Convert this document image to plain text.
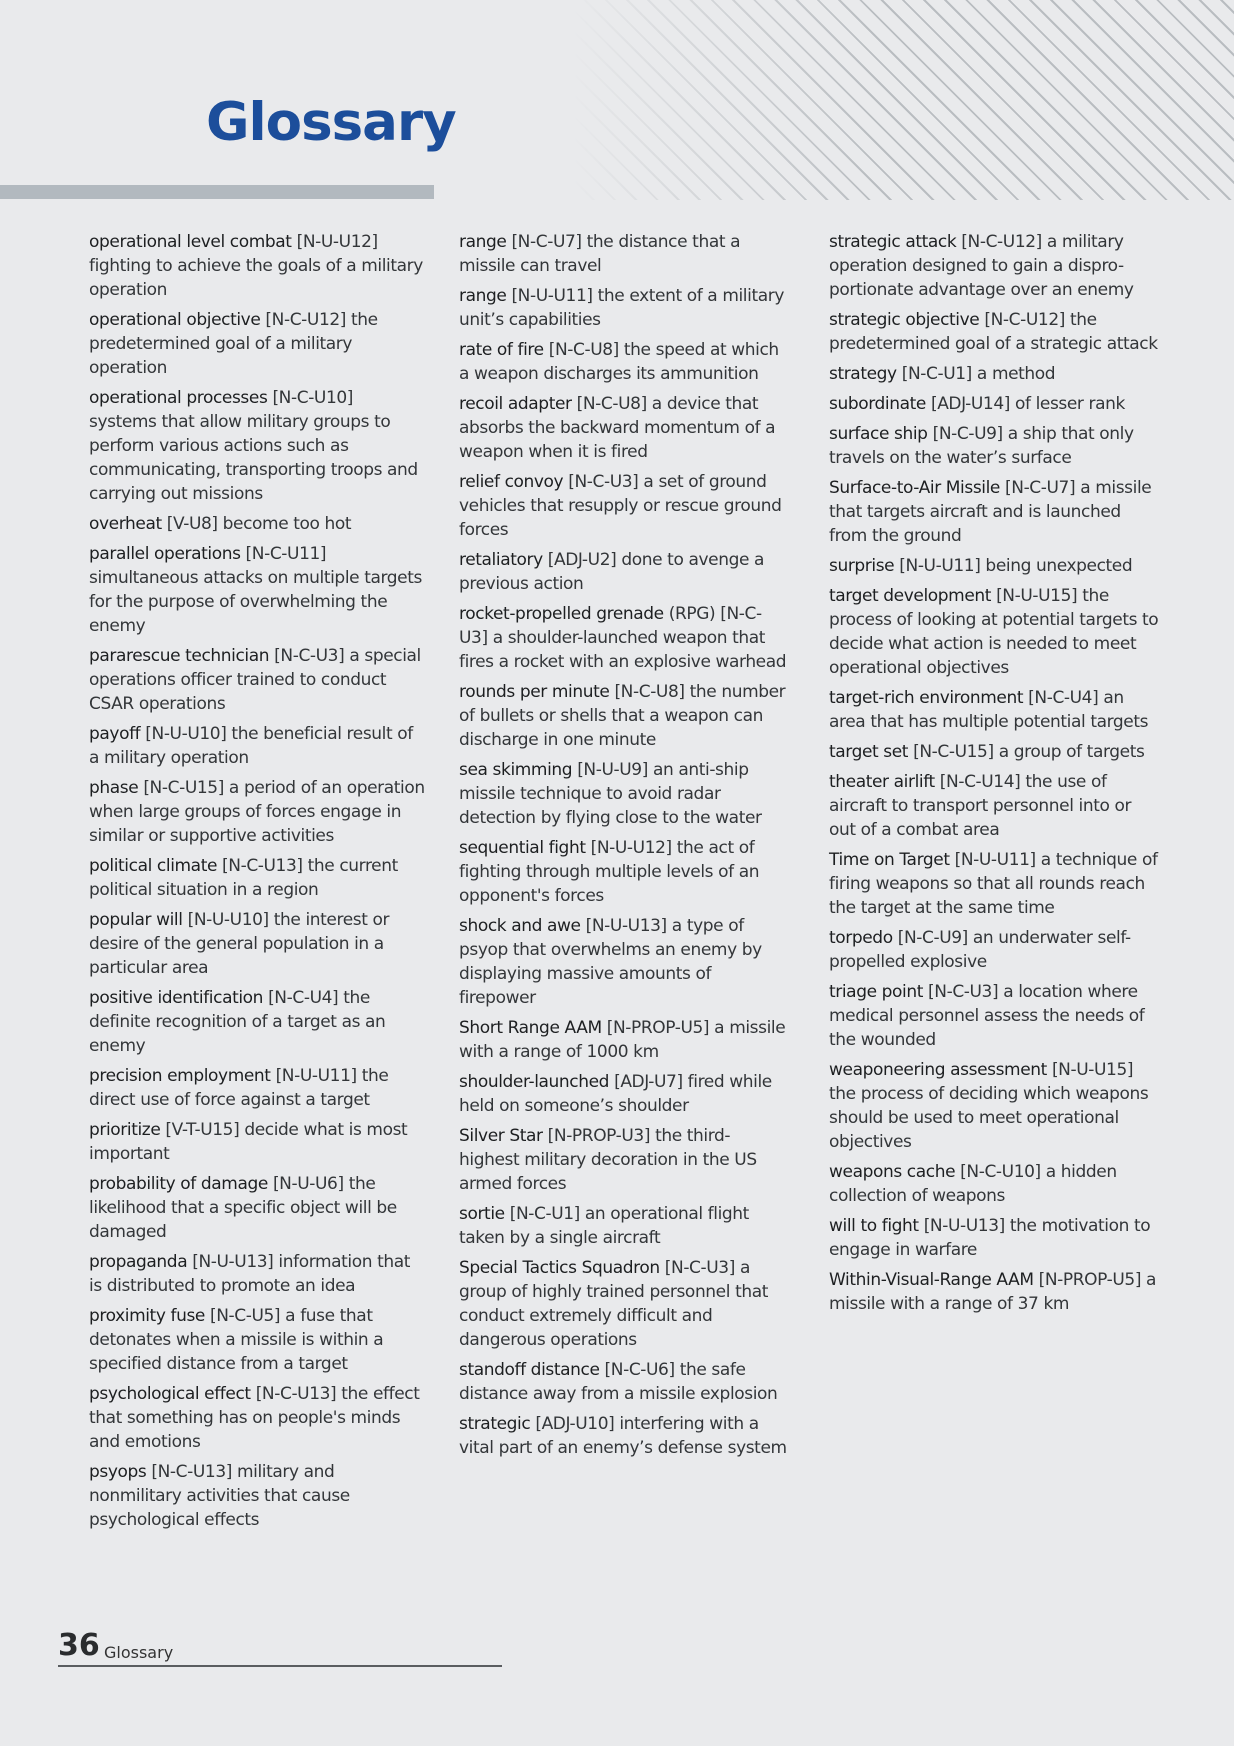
Glossary

operational level combat [N-U-U12] fighting to achieve the goals of a military operation

operational objective [N-C-U12] the predetermined goal of a military operation

operational processes [N-C-U10] systems that allow military groups to perform various actions such as communicating, transporting troops and carrying out missions

overheat [V-U8] become too hot

parallel operations [N-C-U11] simultaneous attacks on multiple targets for the purpose of overwhelming the enemy

pararescue technician [N-C-U3] a special operations officer trained to conduct CSAR operations

payoff [N-U-U10] the beneficial result of a military operation

phase [N-C-U15] a period of an operation when large groups of forces engage in similar or supportive activities

political climate [N-C-U13] the current political situation in a region

popular will [N-U-U10] the interest or desire of the general population in a particular area

positive identification [N-C-U4] the definite recognition of a target as an enemy

precision employment [N-U-U11] the direct use of force against a target

prioritize [V-T-U15] decide what is most important

probability of damage [N-U-U6] the likelihood that a specific object will be damaged

propaganda [N-U-U13] information that is distributed to promote an idea

proximity fuse [N-C-U5] a fuse that detonates when a missile is within a specified distance from a target

psychological effect [N-C-U13] the effect that something has on people's minds and emotions

psyops [N-C-U13] military and nonmilitary activities that cause psychological effects

range [N-C-U7] the distance that a missile can travel

range [N-U-U11] the extent of a military unit’s capabilities

rate of fire [N-C-U8] the speed at which a weapon discharges its ammunition

recoil adapter [N-C-U8] a device that absorbs the backward momentum of a weapon when it is fired

relief convoy [N-C-U3] a set of ground vehicles that resupply or rescue ground forces

retaliatory [ADJ-U2] done to avenge a previous action

rocket-propelled grenade (RPG) [N-C-U3] a shoulder-launched weapon that fires a rocket with an explosive warhead

rounds per minute [N-C-U8] the number of bullets or shells that a weapon can discharge in one minute

sea skimming [N-U-U9] an anti-ship missile technique to avoid radar detection by flying close to the water

sequential fight [N-U-U12] the act of fighting through multiple levels of an opponent's forces

shock and awe [N-U-U13] a type of psyop that overwhelms an enemy by displaying massive amounts of firepower

Short Range AAM [N-PROP-U5] a missile with a range of 1000 km

shoulder-launched [ADJ-U7] fired while held on someone’s shoulder

Silver Star [N-PROP-U3] the third-highest military decoration in the US armed forces

sortie [N-C-U1] an operational flight taken by a single aircraft

Special Tactics Squadron [N-C-U3] a group of highly trained personnel that conduct extremely difficult and dangerous operations

standoff distance [N-C-U6] the safe distance away from a missile explosion

strategic [ADJ-U10] interfering with a vital part of an enemy’s defense system

strategic attack [N-C-U12] a military operation designed to gain a dispro-portionate advantage over an enemy

strategic objective [N-C-U12] the predetermined goal of a strategic attack

strategy [N-C-U1] a method

subordinate [ADJ-U14] of lesser rank

surface ship [N-C-U9] a ship that only travels on the water’s surface

Surface-to-Air Missile [N-C-U7] a missile that targets aircraft and is launched from the ground

surprise [N-U-U11] being unexpected

target development [N-U-U15] the process of looking at potential targets to decide what action is needed to meet operational objectives

target-rich environment [N-C-U4] an area that has multiple potential targets

target set [N-C-U15] a group of targets

theater airlift [N-C-U14] the use of aircraft to transport personnel into or out of a combat area

Time on Target [N-U-U11] a technique of firing weapons so that all rounds reach the target at the same time

torpedo [N-C-U9] an underwater self-propelled explosive

triage point [N-C-U3] a location where medical personnel assess the needs of the wounded

weaponeering assessment [N-U-U15] the process of deciding which weapons should be used to meet operational objectives

weapons cache [N-C-U10] a hidden collection of weapons

will to fight [N-U-U13] the motivation to engage in warfare

Within-Visual-Range AAM [N-PROP-U5] a missile with a range of 37 km

36 Glossary
